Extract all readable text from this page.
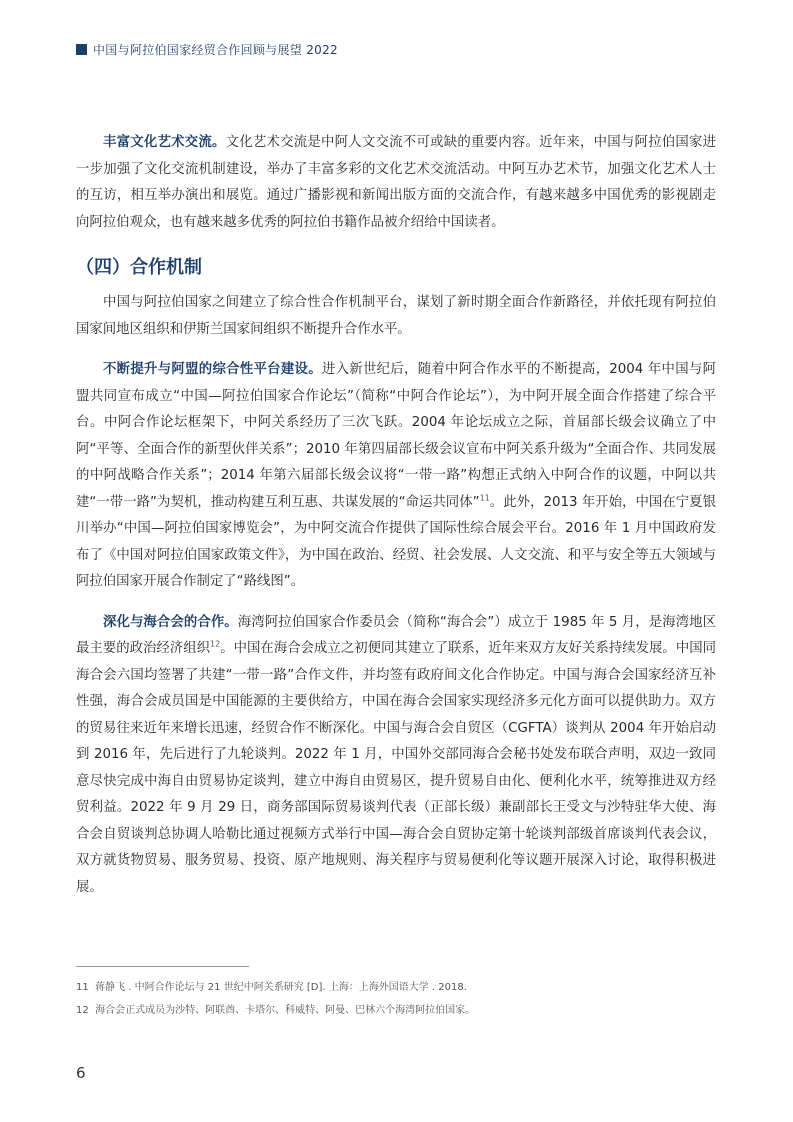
中国与阿拉伯国家经贸合作回顾与展望 2022

丰富文化艺术交流。文化艺术交流是中阿人文交流不可或缺的重要内容。近年来，中国与阿拉伯国家进一步加强了文化交流机制建设，举办了丰富多彩的文化艺术交流活动。中阿互办艺术节，加强文化艺术人士的互访，相互举办演出和展览。通过广播影视和新闻出版方面的交流合作，有越来越多中国优秀的影视剧走向阿拉伯观众，也有越来越多优秀的阿拉伯书籍作品被介绍给中国读者。

（四）合作机制

中国与阿拉伯国家之间建立了综合性合作机制平台，谋划了新时期全面合作新路径，并依托现有阿拉伯国家间地区组织和伊斯兰国家间组织不断提升合作水平。

不断提升与阿盟的综合性平台建设。进入新世纪后，随着中阿合作水平的不断提高，2004 年中国与阿盟共同宣布成立“中国—阿拉伯国家合作论坛”（简称“中阿合作论坛”），为中阿开展全面合作搭建了综合平台。中阿合作论坛框架下，中阿关系经历了三次飞跃。2004 年论坛成立之际，首届部长级会议确立了中阿“平等、全面合作的新型伙伴关系”；2010 年第四届部长级会议宣布中阿关系升级为“全面合作、共同发展的中阿战略合作关系”；2014 年第六届部长级会议将“一带一路”构想正式纳入中阿合作的议题，中阿以共建“一带一路”为契机，推动构建互利互惠、共谋发展的“命运共同体”$^{11}$。此外，2013 年开始，中国在宁夏银川举办“中国—阿拉伯国家博览会”，为中阿交流合作提供了国际性综合展会平台。2016 年 1 月中国政府发布了《中国对阿拉伯国家政策文件》，为中国在政治、经贸、社会发展、人文交流、和平与安全等五大领域与阿拉伯国家开展合作制定了“路线图”。

深化与海合会的合作。海湾阿拉伯国家合作委员会（简称“海合会”）成立于 1985 年 5 月，是海湾地区最主要的政治经济组织$^{12}$。中国在海合会成立之初便同其建立了联系，近年来双方友好关系持续发展。中国同海合会六国均签署了共建“一带一路”合作文件，并均签有政府间文化合作协定。中国与海合会国家经济互补性强，海合会成员国是中国能源的主要供给方，中国在海合会国家实现经济多元化方面可以提供助力。双方的贸易往来近年来增长迅速，经贸合作不断深化。中国与海合会自贸区（CGFTA）谈判从 2004 年开始启动到 2016 年，先后进行了九轮谈判。2022 年 1 月，中国外交部同海合会秘书处发布联合声明，双边一致同意尽快完成中海自由贸易协定谈判，建立中海自由贸易区，提升贸易自由化、便利化水平，统筹推进双方经贸利益。2022 年 9 月 29 日，商务部国际贸易谈判代表（正部长级）兼副部长王受文与沙特驻华大使、海合会自贸谈判总协调人哈勒比通过视频方式举行中国—海合会自贸协定第十轮谈判部级首席谈判代表会议，双方就货物贸易、服务贸易、投资、原产地规则、海关程序与贸易便利化等议题开展深入讨论，取得积极进展。

11 蒋静飞 . 中阿合作论坛与 21 世纪中阿关系研究 [D]. 上海：上海外国语大学 . 2018.

12 海合会正式成员为沙特、阿联酋、卡塔尔、科威特、阿曼、巴林六个海湾阿拉伯国家。

6
